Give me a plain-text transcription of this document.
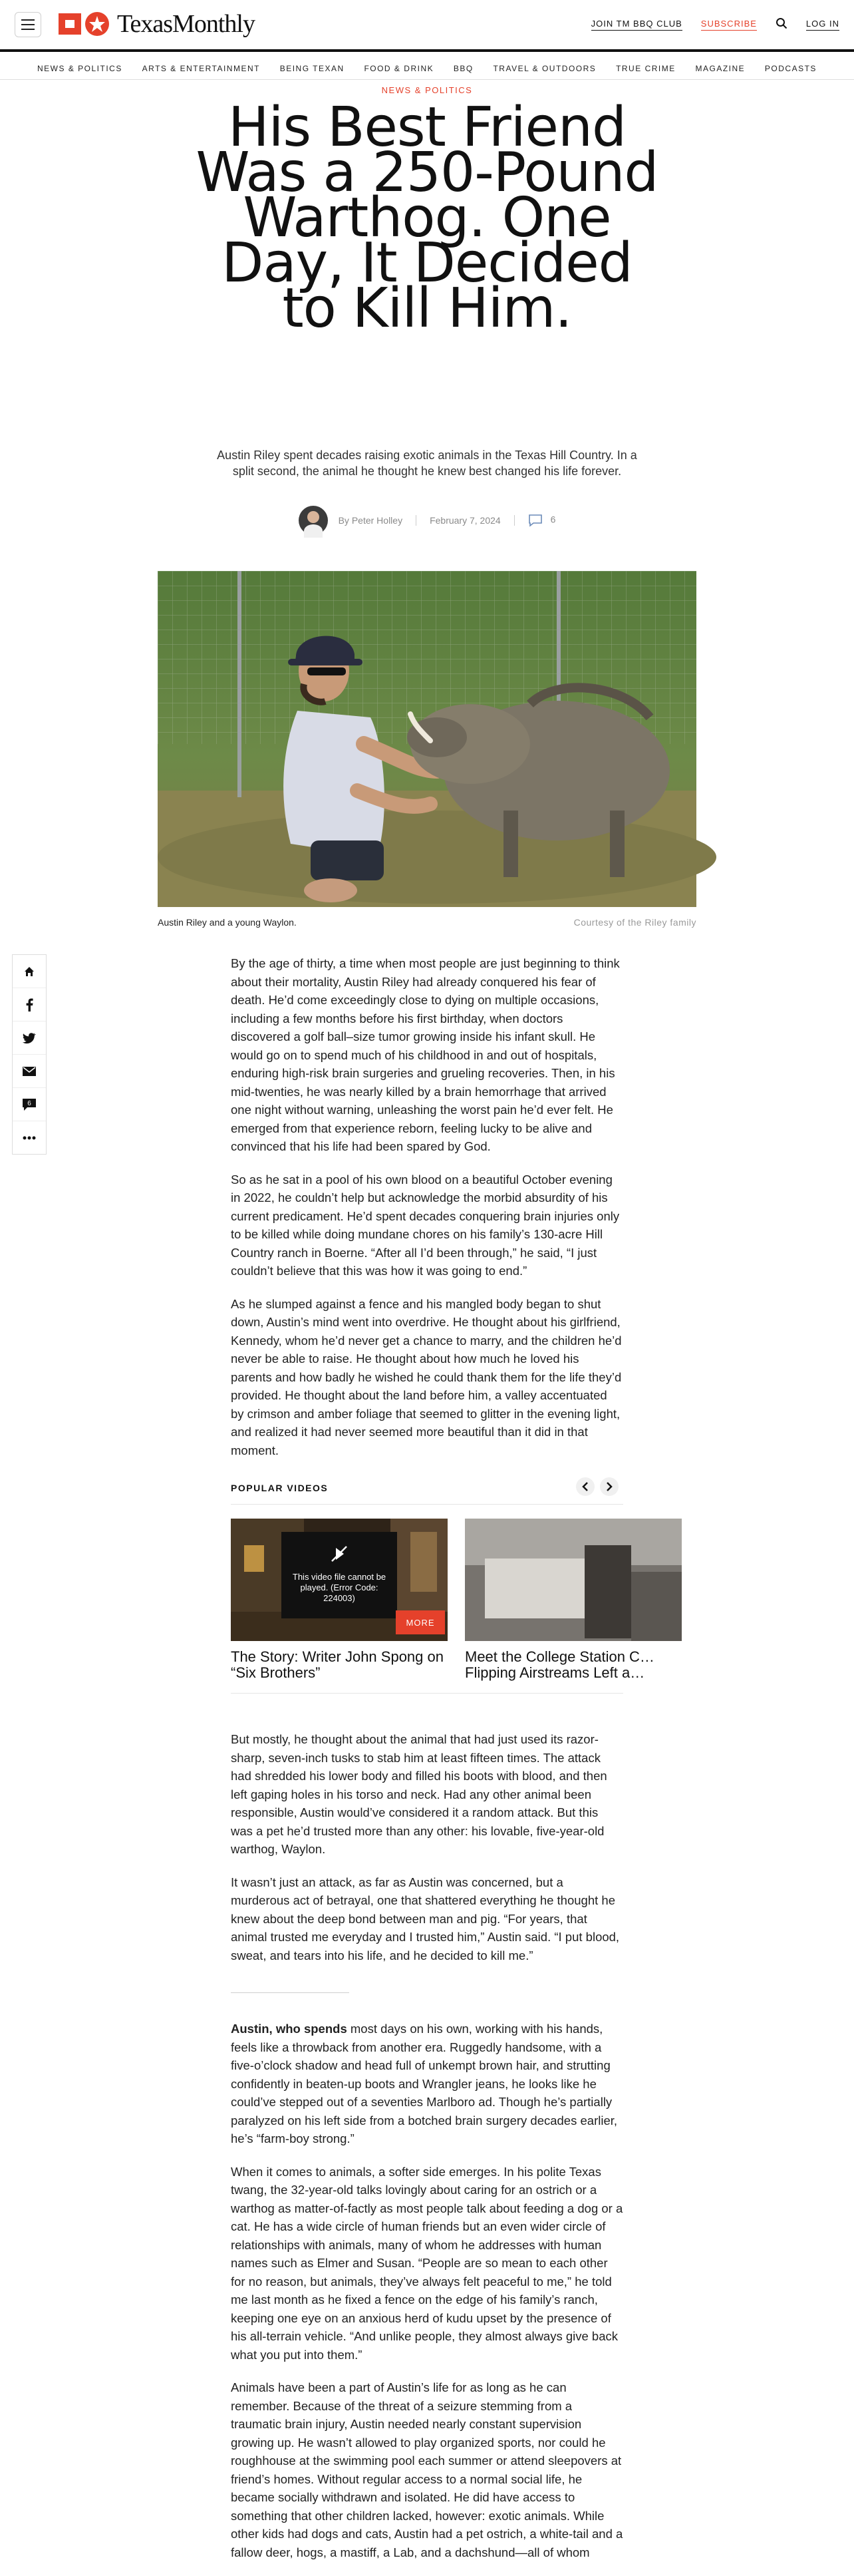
TexasMonthly	JOIN TM BBQ CLUB SUBSCRIBE	LOG IN
NEWS & POLITICS ARTS & ENTERTAINMENT BEING TEXAN FOOD & DRINK BBQ TRAVEL & OUTDOORS TRUE CRIME MAGAZINE PODCASTS
NEWS & POLITICS
His Best Friend Was a 250-Pound Warthog. One Day, It Decided to Kill Him.

Austin Riley spent decades raising exotic animals in the Texas Hill Country. In a split second, the animal he thought he knew best changed his life forever.

By Peter Holley	February 7, 2024	6
Austin Riley and a young Waylon.	Courtesy of the Riley family
6

By the age of thirty, a time when most people are just beginning to think about their mortality, Austin Riley had already conquered his fear of death. He’d come exceedingly close to dying on multiple occasions, including a few months before his first birthday, when doctors discovered a golf ball–size tumor growing inside his infant skull. He would go on to spend much of his childhood in and out of hospitals, enduring high-risk brain surgeries and grueling recoveries. Then, in his mid-twenties, he was nearly killed by a brain hemorrhage that arrived one night without warning, unleashing the worst pain he’d ever felt. He emerged from that experience reborn, feeling lucky to be alive and convinced that his life had been spared by God.

So as he sat in a pool of his own blood on a beautiful October evening in 2022, he couldn’t help but acknowledge the morbid absurdity of his current predicament. He’d spent decades conquering brain injuries only to be killed while doing mundane chores on his family’s 130-acre Hill Country ranch in Boerne. “After all I’d been through,” he said, “I just couldn’t believe that this was how it was going to end.”

As he slumped against a fence and his mangled body began to shut down, Austin’s mind went into overdrive. He thought about his girlfriend, Kennedy, whom he’d never get a chance to marry, and the children he’d never be able to raise. He thought about how much he loved his parents and how badly he wished he could thank them for the life they’d provided. He thought about the land before him, a valley accentuated by crimson and amber foliage that seemed to glitter in the evening light, and realized it had never seemed more beautiful than it did in that moment.

POPULAR VIDEOS
This video file cannot be played. (Error Code: 224003)
MORE
The Story: Writer John Spong on “Six Brothers”
Meet the College Station C… Flipping Airstreams Left a…

But mostly, he thought about the animal that had just used its razor-sharp, seven-inch tusks to stab him at least fifteen times. The attack had shredded his lower body and filled his boots with blood, and then left gaping holes in his torso and neck. Had any other animal been responsible, Austin would’ve considered it a random attack. But this was a pet he’d trusted more than any other: his lovable, five-year-old warthog, Waylon.

It wasn’t just an attack, as far as Austin was concerned, but a murderous act of betrayal, one that shattered everything he thought he knew about the deep bond between man and pig. “For years, that animal trusted me everyday and I trusted him,” Austin said. “I put blood, sweat, and tears into his life, and he decided to kill me.”

Austin, who spends most days on his own, working with his hands, feels like a throwback from another era. Ruggedly handsome, with a five-o’clock shadow and head full of unkempt brown hair, and strutting confidently in beaten-up boots and Wrangler jeans, he looks like he could’ve stepped out of a seventies Marlboro ad. Though he’s partially paralyzed on his left side from a botched brain surgery decades earlier, he’s “farm-boy strong.”

When it comes to animals, a softer side emerges. In his polite Texas twang, the 32-year-old talks lovingly about caring for an ostrich or a warthog as matter-of-factly as most people talk about feeding a dog or a cat. He has a wide circle of human friends but an even wider circle of relationships with animals, many of whom he addresses with human names such as Elmer and Susan. “People are so mean to each other for no reason, but animals, they’ve always felt peaceful to me,” he told me last month as he fixed a fence on the edge of his family’s ranch, keeping one eye on an anxious herd of kudu upset by the presence of his all-terrain vehicle. “And unlike people, they almost always give back what you put into them.”

Animals have been a part of Austin’s life for as long as he can remember. Because of the threat of a seizure stemming from a traumatic brain injury, Austin needed nearly constant supervision growing up. He wasn’t allowed to play organized sports, nor could he roughhouse at the swimming pool each summer or attend sleepovers at friend’s homes. Without regular access to a normal social life, he became socially withdrawn and isolated. He did have access to something that other children lacked, however: exotic animals. While other kids had dogs and cats, Austin had a pet ostrich, a white-tail and a fallow deer, hogs, a mastiff, a Lab, and a dachshund—all of whom
